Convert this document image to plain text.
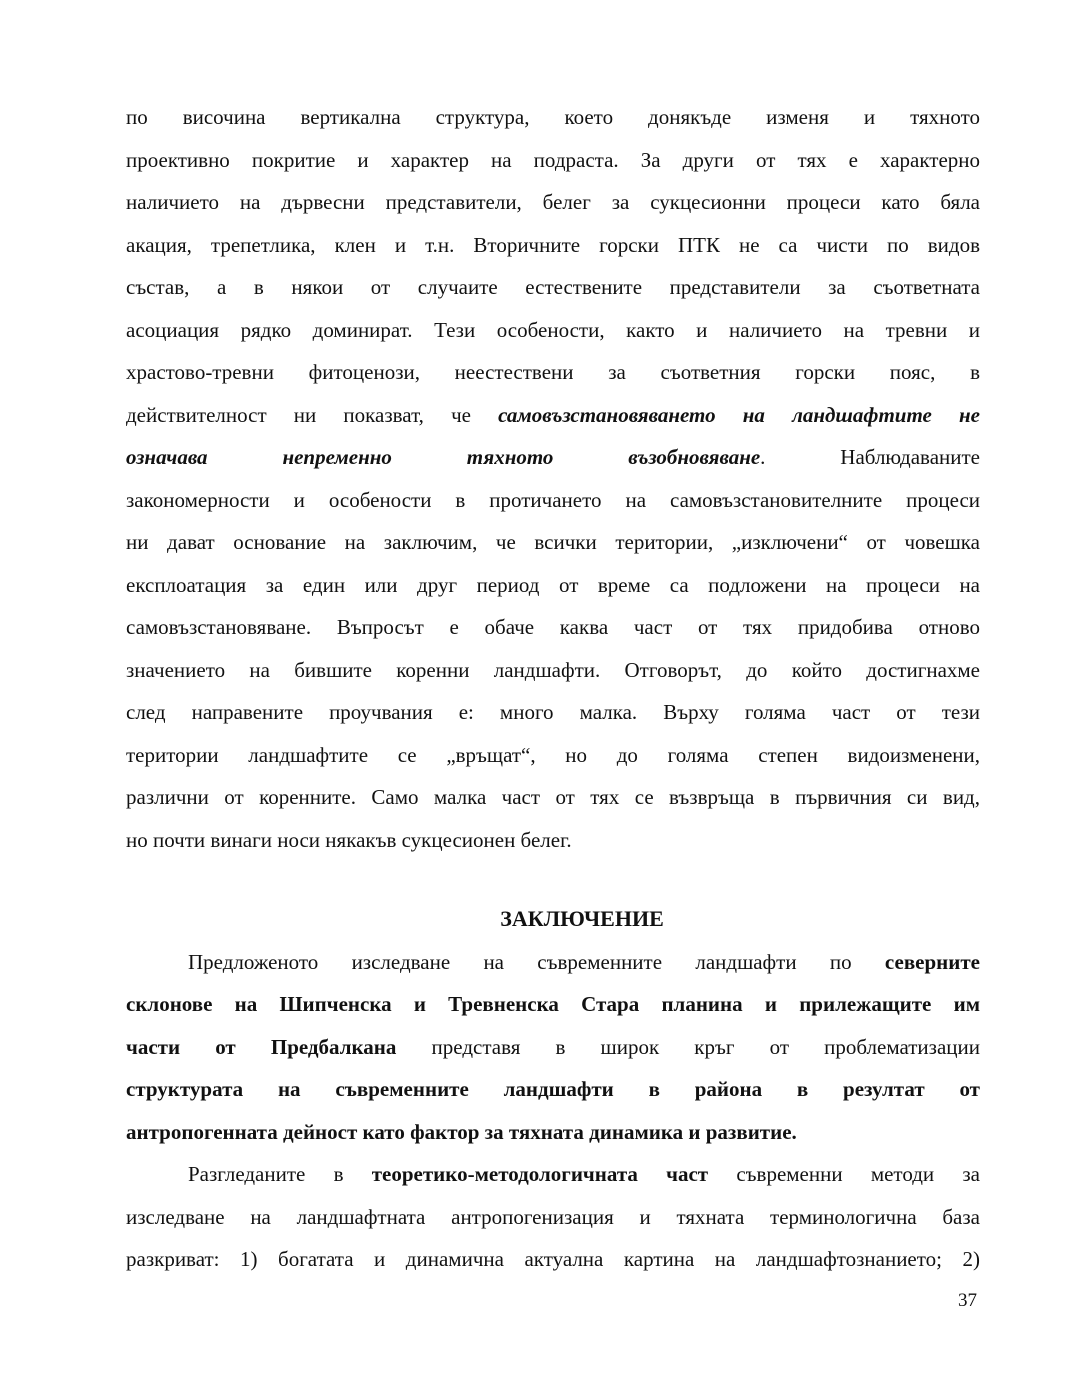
по височина вертикална структура, което донякъде изменя и тяхното
проективно покритие и характер на подраста. За други от тях е характерно
наличието на дървесни представители, белег за сукцесионни процеси като бяла
акация, трепетлика, клен и т.н. Вторичните горски ПТК не са чисти по видов
състав, а в някои от случаите естествените представители за съответната
асоциация рядко доминират. Тези особености, както и наличието на тревни и
храстово-тревни фитоценози, неестествени за съответния горски пояс, в
действителност ни показват, че самовъзстановяването на ландшафтите не
означава непременно тяхното възобновяване. Наблюдаваните
закономерности и особености в протичането на самовъзстановителните процеси
ни дават основание на заключим, че всички територии, „изключени“ от човешка
експлоатация за един или друг период от време са подложени на процеси на
самовъзстановяване. Въпросът е обаче каква част от тях придобива отново
значението на бившите коренни ландшафти. Отговорът, до който достигнахме
след направените проучвания е: много малка. Върху голяма част от тези
територии ландшафтите се „връщат“, но до голяма степен видоизменени,
различни от коренните. Само малка част от тях се възвръща в първичния си вид,
но почти винаги носи някакъв сукцесионен белег.
ЗАКЛЮЧЕНИЕ
Предложеното изследване на съвременните ландшафти по северните
склонове на Шипченска и Тревненска Стара планина и прилежащите им
части от Предбалкана представя в широк кръг от проблематизации
структурата на съвременните ландшафти в района в резултат от
антропогенната дейност като фактор за тяхната динамика и развитие.
Разгледаните в теоретико-методологичната част съвременни методи за
изследване на ландшафтната антропогенизация и тяхната терминологична база
разкриват: 1) богатата и динамична актуална картина на ландшафтознанието; 2)
37
